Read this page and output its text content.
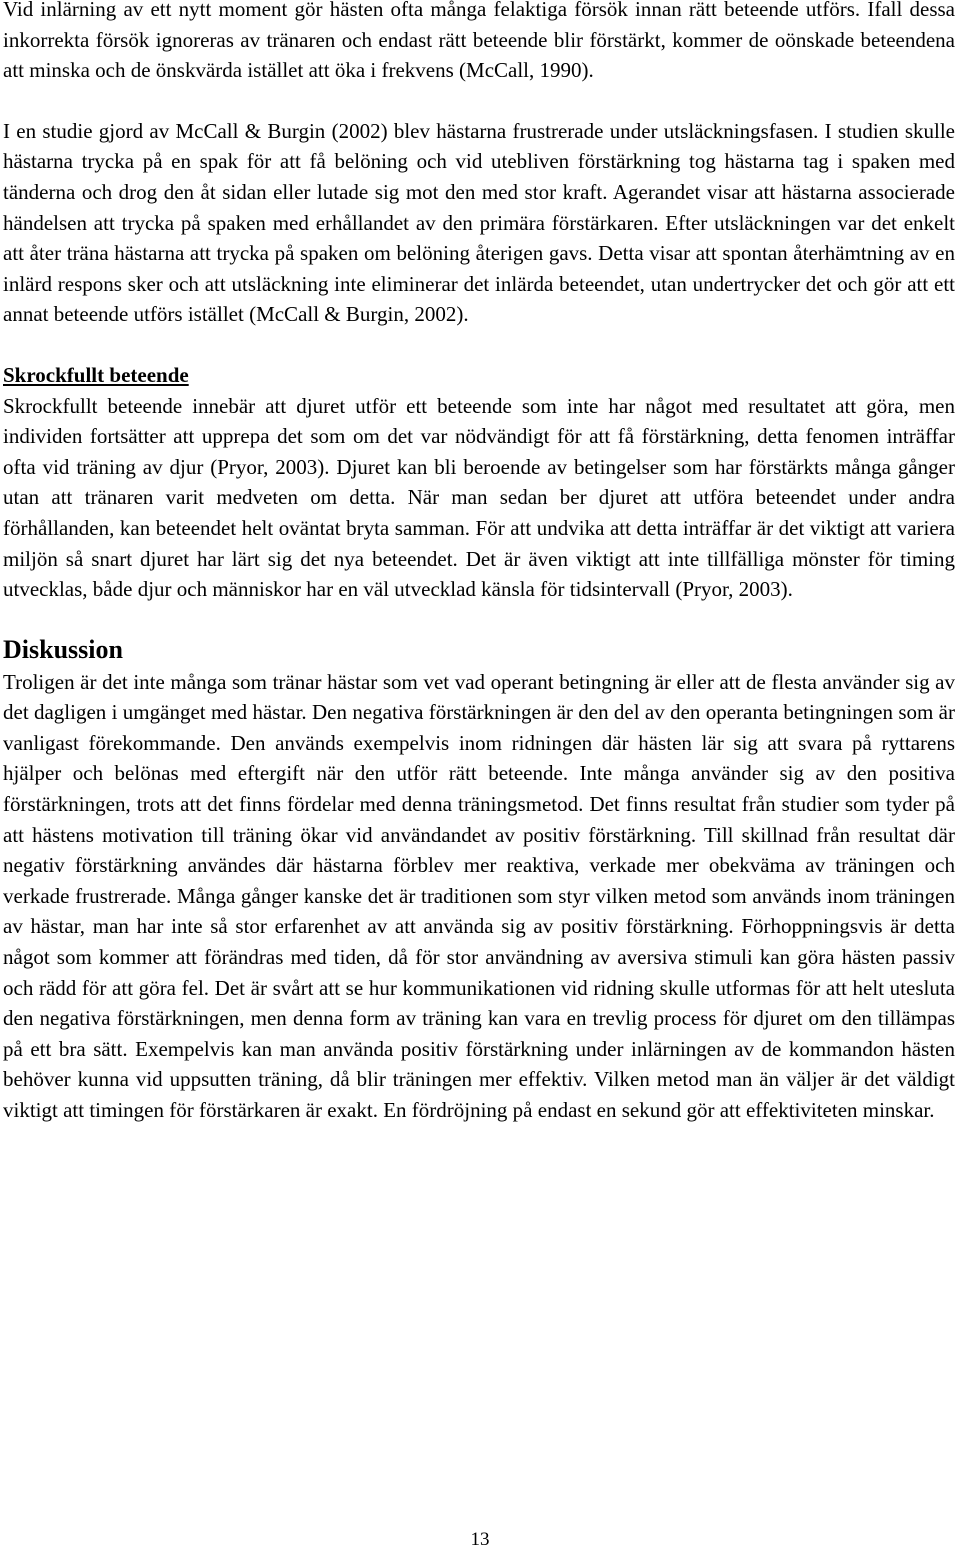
Vid inlärning av ett nytt moment gör hästen ofta många felaktiga försök innan rätt beteende utförs. Ifall dessa inkorrekta försök ignoreras av tränaren och endast rätt beteende blir förstärkt, kommer de oönskade beteendena att minska och de önskvärda istället att öka i frekvens (McCall, 1990).

I en studie gjord av McCall & Burgin (2002) blev hästarna frustrerade under utsläckningsfasen. I studien skulle hästarna trycka på en spak för att få belöning och vid utebliven förstärkning tog hästarna tag i spaken med tänderna och drog den åt sidan eller lutade sig mot den med stor kraft. Agerandet visar att hästarna associerade händelsen att trycka på spaken med erhållandet av den primära förstärkaren. Efter utsläckningen var det enkelt att åter träna hästarna att trycka på spaken om belöning återigen gavs. Detta visar att spontan återhämtning av en inlärd respons sker och att utsläckning inte eliminerar det inlärda beteendet, utan undertrycker det och gör att ett annat beteende utförs istället (McCall & Burgin, 2002).

Skrockfullt beteende

Skrockfullt beteende innebär att djuret utför ett beteende som inte har något med resultatet att göra, men individen fortsätter att upprepa det som om det var nödvändigt för att få förstärkning, detta fenomen inträffar ofta vid träning av djur (Pryor, 2003). Djuret kan bli beroende av betingelser som har förstärkts många gånger utan att tränaren varit medveten om detta. När man sedan ber djuret att utföra beteendet under andra förhållanden, kan beteendet helt oväntat bryta samman. För att undvika att detta inträffar är det viktigt att variera miljön så snart djuret har lärt sig det nya beteendet. Det är även viktigt att inte tillfälliga mönster för timing utvecklas, både djur och människor har en väl utvecklad känsla för tidsintervall (Pryor, 2003).

Diskussion

Troligen är det inte många som tränar hästar som vet vad operant betingning är eller att de flesta använder sig av det dagligen i umgänget med hästar. Den negativa förstärkningen är den del av den operanta betingningen som är vanligast förekommande. Den används exempelvis inom ridningen där hästen lär sig att svara på ryttarens hjälper och belönas med eftergift när den utför rätt beteende. Inte många använder sig av den positiva förstärkningen, trots att det finns fördelar med denna träningsmetod. Det finns resultat från studier som tyder på att hästens motivation till träning ökar vid användandet av positiv förstärkning. Till skillnad från resultat där negativ förstärkning användes där hästarna förblev mer reaktiva, verkade mer obekväma av träningen och verkade frustrerade. Många gånger kanske det är traditionen som styr vilken metod som används inom träningen av hästar, man har inte så stor erfarenhet av att använda sig av positiv förstärkning. Förhoppningsvis är detta något som kommer att förändras med tiden, då för stor användning av aversiva stimuli kan göra hästen passiv och rädd för att göra fel. Det är svårt att se hur kommunikationen vid ridning skulle utformas för att helt utesluta den negativa förstärkningen, men denna form av träning kan vara en trevlig process för djuret om den tillämpas på ett bra sätt. Exempelvis kan man använda positiv förstärkning under inlärningen av de kommandon hästen behöver kunna vid uppsutten träning, då blir träningen mer effektiv. Vilken metod man än väljer är det väldigt viktigt att timingen för förstärkaren är exakt. En fördröjning på endast en sekund gör att effektiviteten minskar.

13
